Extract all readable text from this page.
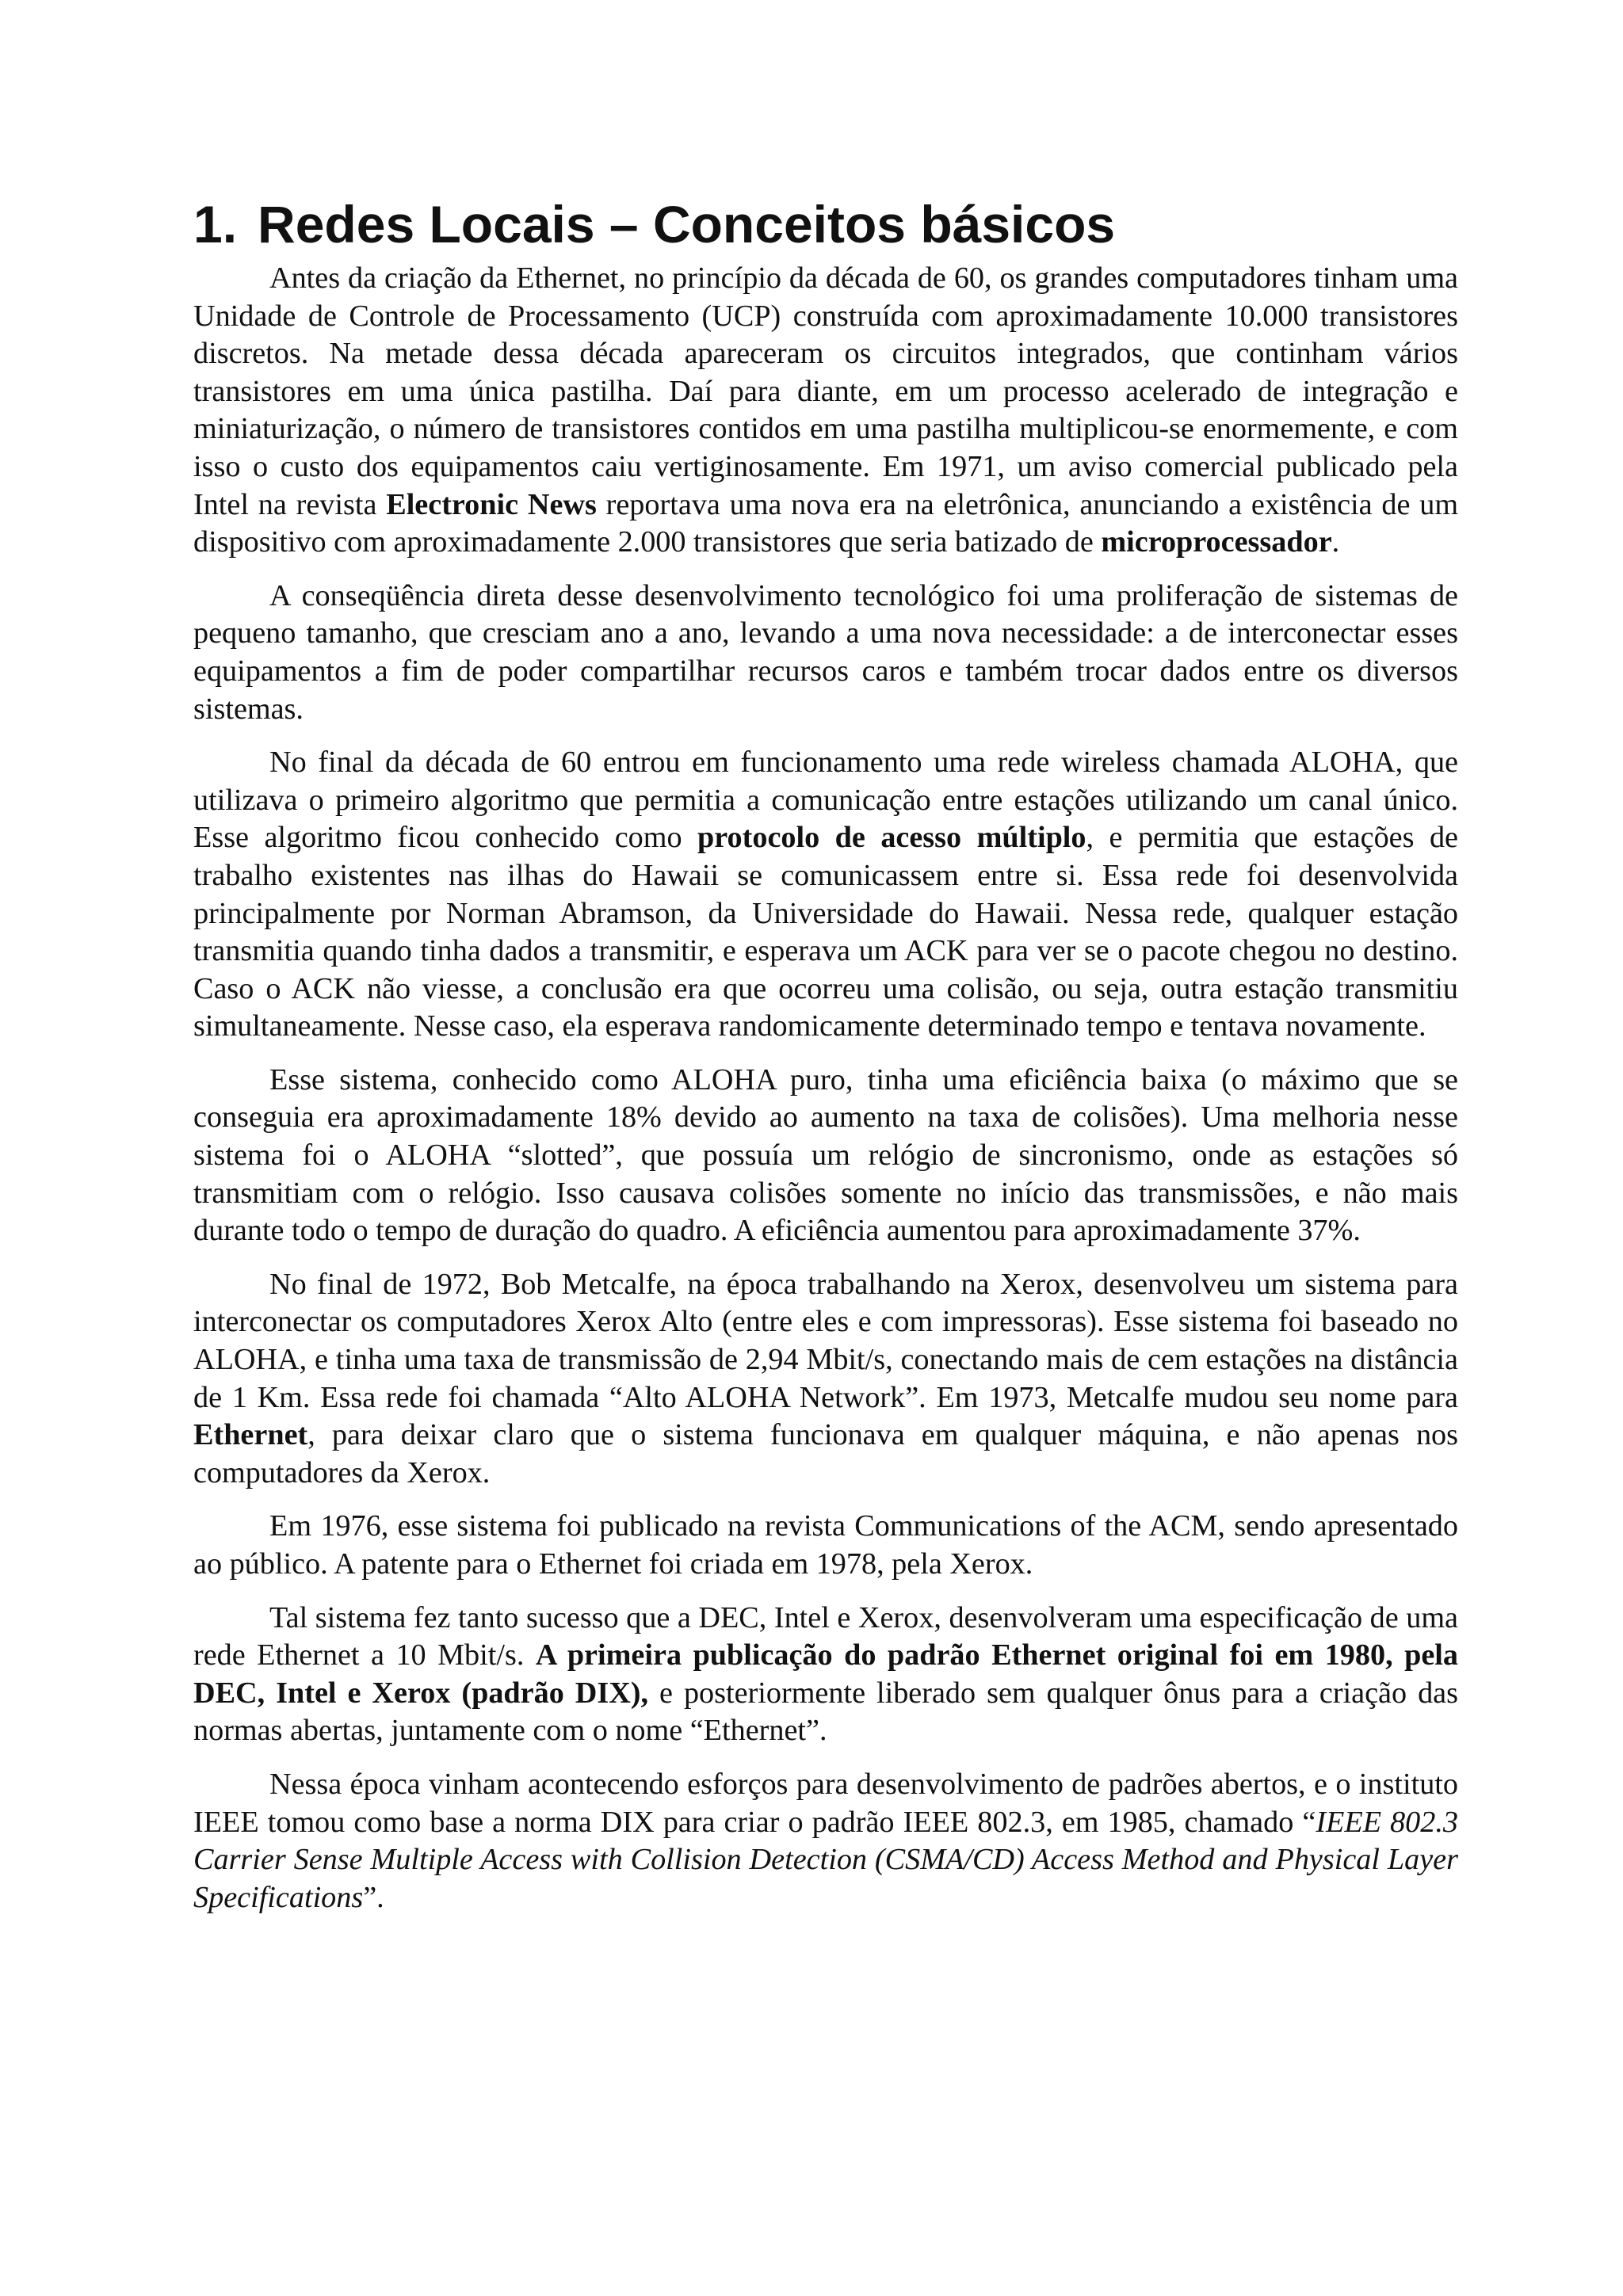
1. Redes Locais – Conceitos básicos

Antes da criação da Ethernet, no princípio da década de 60, os grandes computadores tinham uma Unidade de Controle de Processamento (UCP) construída com aproximadamente 10.000 transistores discretos. Na metade dessa década apareceram os circuitos integrados, que continham vários transistores em uma única pastilha. Daí para diante, em um processo acelerado de integração e miniaturização, o número de transistores contidos em uma pastilha multiplicou-se enormemente, e com isso o custo dos equipamentos caiu vertiginosamente. Em 1971, um aviso comercial publicado pela Intel na revista Electronic News reportava uma nova era na eletrônica, anunciando a existência de um dispositivo com aproximadamente 2.000 transistores que seria batizado de microprocessador.

A conseqüência direta desse desenvolvimento tecnológico foi uma proliferação de sistemas de pequeno tamanho, que cresciam ano a ano, levando a uma nova necessidade: a de interconectar esses equipamentos a fim de poder compartilhar recursos caros e também trocar dados entre os diversos sistemas.

No final da década de 60 entrou em funcionamento uma rede wireless chamada ALOHA, que utilizava o primeiro algoritmo que permitia a comunicação entre estações utilizando um canal único. Esse algoritmo ficou conhecido como protocolo de acesso múltiplo, e permitia que estações de trabalho existentes nas ilhas do Hawaii se comunicassem entre si. Essa rede foi desenvolvida principalmente por Norman Abramson, da Universidade do Hawaii. Nessa rede, qualquer estação transmitia quando tinha dados a transmitir, e esperava um ACK para ver se o pacote chegou no destino. Caso o ACK não viesse, a conclusão era que ocorreu uma colisão, ou seja, outra estação transmitiu simultaneamente. Nesse caso, ela esperava randomicamente determinado tempo e tentava novamente.

Esse sistema, conhecido como ALOHA puro, tinha uma eficiência baixa (o máximo que se conseguia era aproximadamente 18% devido ao aumento na taxa de colisões). Uma melhoria nesse sistema foi o ALOHA “slotted”, que possuía um relógio de sincronismo, onde as estações só transmitiam com o relógio. Isso causava colisões somente no início das transmissões, e não mais durante todo o tempo de duração do quadro. A eficiência aumentou para aproximadamente 37%.

No final de 1972, Bob Metcalfe, na época trabalhando na Xerox, desenvolveu um sistema para interconectar os computadores Xerox Alto (entre eles e com impressoras). Esse sistema foi baseado no ALOHA, e tinha uma taxa de transmissão de 2,94 Mbit/s, conectando mais de cem estações na distância de 1 Km. Essa rede foi chamada “Alto ALOHA Network”. Em 1973, Metcalfe mudou seu nome para Ethernet, para deixar claro que o sistema funcionava em qualquer máquina, e não apenas nos computadores da Xerox.

Em 1976, esse sistema foi publicado na revista Communications of the ACM, sendo apresentado ao público. A patente para o Ethernet foi criada em 1978, pela Xerox.

Tal sistema fez tanto sucesso que a DEC, Intel e Xerox, desenvolveram uma especificação de uma rede Ethernet a 10 Mbit/s. A primeira publicação do padrão Ethernet original foi em 1980, pela DEC, Intel e Xerox (padrão DIX), e posteriormente liberado sem qualquer ônus para a criação das normas abertas, juntamente com o nome “Ethernet”.

Nessa época vinham acontecendo esforços para desenvolvimento de padrões abertos, e o instituto IEEE tomou como base a norma DIX para criar o padrão IEEE 802.3, em 1985, chamado “IEEE 802.3 Carrier Sense Multiple Access with Collision Detection (CSMA/CD) Access Method and Physical Layer Specifications”.
